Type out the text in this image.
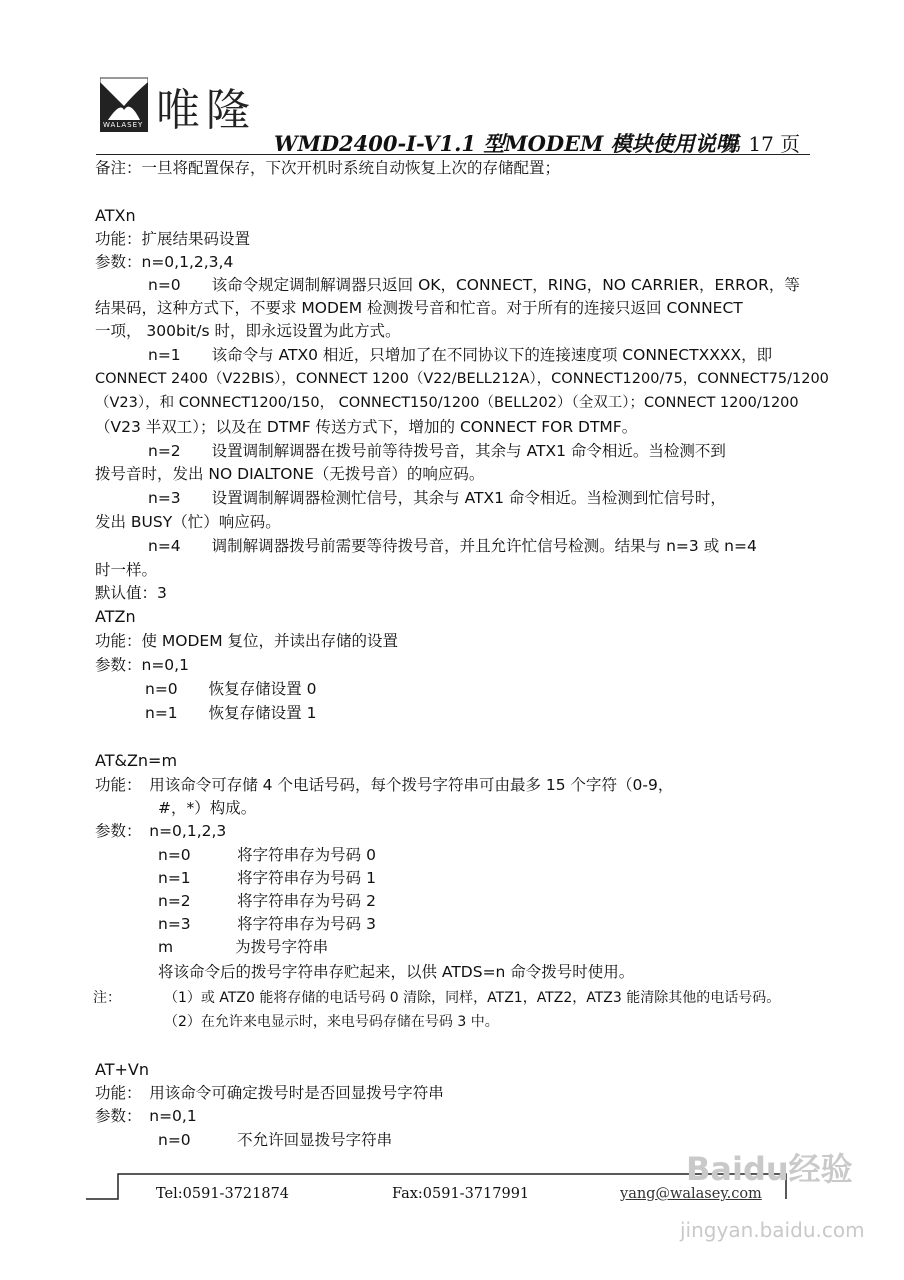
WALASEY 唯隆
WMD2400-I-V1.1 型MODEM 模块使用说明
第 17 页
备注：一旦将配置保存，下次开机时系统自动恢复上次的存储配置；
ATXn
功能：扩展结果码设置
参数：n=0,1,2,3,4
n=0　　该命令规定调制解调器只返回 OK，CONNECT，RING，NO CARRIER，ERROR，等
结果码，这种方式下，不要求 MODEM 检测拨号音和忙音。对于所有的连接只返回 CONNECT
一项， 300bit/s 时，即永远设置为此方式。
n=1　　该命令与 ATX0 相近，只增加了在不同协议下的连接速度项 CONNECTXXXX，即
CONNECT 2400（V22BIS），CONNECT 1200（V22/BELL212A），CONNECT1200/75，CONNECT75/1200
（V23），和 CONNECT1200/150， CONNECT150/1200（BELL202）（全双工）；CONNECT 1200/1200
（V23 半双工）；以及在 DTMF 传送方式下，增加的 CONNECT FOR DTMF。
n=2　　设置调制解调器在拨号前等待拨号音，其余与 ATX1 命令相近。当检测不到
拨号音时，发出 NO DIALTONE（无拨号音）的响应码。
n=3　　设置调制解调器检测忙信号，其余与 ATX1 命令相近。当检测到忙信号时，
发出 BUSY（忙）响应码。
n=4　　调制解调器拨号前需要等待拨号音，并且允许忙信号检测。结果与 n=3 或 n=4
时一样。
默认值：3
ATZn
功能：使 MODEM 复位，并读出存储的设置
参数：n=0,1
n=0　　恢复存储设置 0
n=1　　恢复存储设置 1
AT&Zn=m
功能：　用该命令可存储 4 个电话号码，每个拨号字符串可由最多 15 个字符（0-9，
#，*）构成。
参数：　n=0,1,2,3
n=0　　　将字符串存为号码 0
n=1　　　将字符串存为号码 1
n=2　　　将字符串存为号码 2
n=3　　　将字符串存为号码 3
m　　　　为拨号字符串
将该命令后的拨号字符串存贮起来，以供 ATDS=n 命令拨号时使用。
注：	（1）或 ATZ0 能将存储的电话号码 0 清除，同样，ATZ1，ATZ2，ATZ3 能清除其他的电话号码。
（2）在允许来电显示时，来电号码存储在号码 3 中。
AT+Vn
功能：　用该命令可确定拨号时是否回显拨号字符串
参数：　n=0,1
n=0　　　不允许回显拨号字符串
Tel:0591-3721874	Fax:0591-3717991	yang@walasey.com
Baidu经验
jingyan.baidu.com
